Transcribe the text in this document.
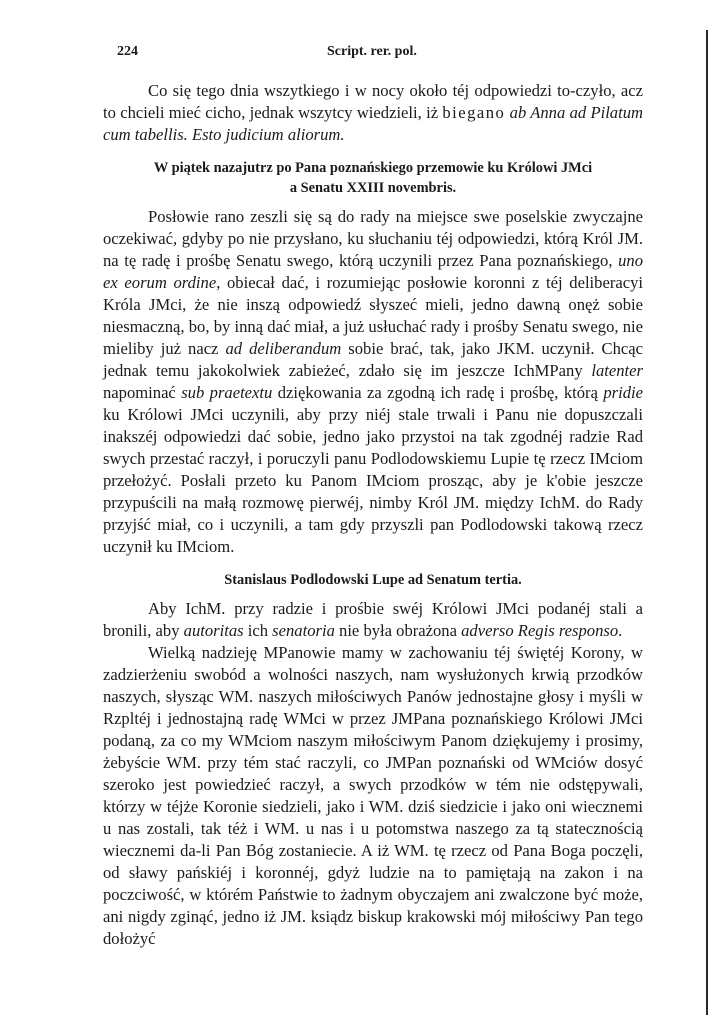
224	Script. rer. pol.

Co się tego dnia wszytkiego i w nocy około téj odpowiedzi to-czyło, acz to chcieli mieć cicho, jednak wszytcy wiedzieli, iż biegano ab Anna ad Pilatum cum tabellis. Esto judicium aliorum.

W piątek nazajutrz po Pana poznańskiego przemowie ku Królowi JMci
a Senatu XXIII novembris.

Posłowie rano zeszli się są do rady na miejsce swe poselskie zwyczajne oczekiwać, gdyby po nie przysłano, ku słuchaniu téj odpowiedzi, którą Król JM. na tę radę i prośbę Senatu swego, którą uczynili przez Pana poznańskiego, uno ex eorum ordine, obiecał dać, i rozumiejąc posłowie koronni z téj deliberacyi Króla JMci, że nie inszą odpowiedź słyszeć mieli, jedno dawną onęż sobie niesmaczną, bo, by inną dać miał, a już usłuchać rady i prośby Senatu swego, nie mieliby już nacz ad deliberandum sobie brać, tak, jako JKM. uczynił. Chcąc jednak temu jakokolwiek zabieżeć, zdało się im jeszcze IchMPany latenter napominać sub praetextu dziękowania za zgodną ich radę i prośbę, którą pridie ku Królowi JMci uczynili, aby przy niéj stale trwali i Panu nie dopuszczali inakszéj odpowiedzi dać sobie, jedno jako przystoi na tak zgodnéj radzie Rad swych przestać raczył, i poruczyli panu Podlodowskiemu Lupie tę rzecz IMciom przełożyć. Posłali przeto ku Panom IMciom prosząc, aby je k'obie jeszcze przypuścili na małą rozmowę pierwéj, nimby Król JM. między IchM. do Rady przyjść miał, co i uczynili, a tam gdy przyszli pan Podlodowski takową rzecz uczynił ku IMciom.

Stanislaus Podlodowski Lupe ad Senatum tertia.

Aby IchM. przy radzie i prośbie swéj Królowi JMci podanéj stali a bronili, aby autoritas ich senatoria nie była obrażona adverso Regis responso.

Wielką nadzieję MPanowie mamy w zachowaniu téj świętéj Korony, w zadzierżeniu swobód a wolności naszych, nam wysłużonych krwią przodków naszych, słysząc WM. naszych miłościwych Panów jednostajne głosy i myśli w Rzpltéj i jednostajną radę WMci w przez JMPana poznańskiego Królowi JMci podaną, za co my WMciom naszym miłościwym Panom dziękujemy i prosimy, żebyście WM. przy tém stać raczyli, co JMPan poznański od WMciów dosyć szeroko jest powiedzieć raczył, a swych przodków w tém nie odstępywali, którzy w téjże Koronie siedzieli, jako i WM. dziś siedzicie i jako oni wiecznemi u nas zostali, tak téż i WM. u nas i u potomstwa naszego za tą statecznością wiecznemi da-li Pan Bóg zostaniecie. A iż WM. tę rzecz od Pana Boga poczęli, od sławy pańskiéj i koronnéj, gdyż ludzie na to pamiętają na zakon i na poczciwość, w którém Państwie to żadnym obyczajem ani zwalczone być może, ani nigdy zginąć, jedno iż JM. ksiądz biskup krakowski mój miłościwy Pan tego dołożyć
